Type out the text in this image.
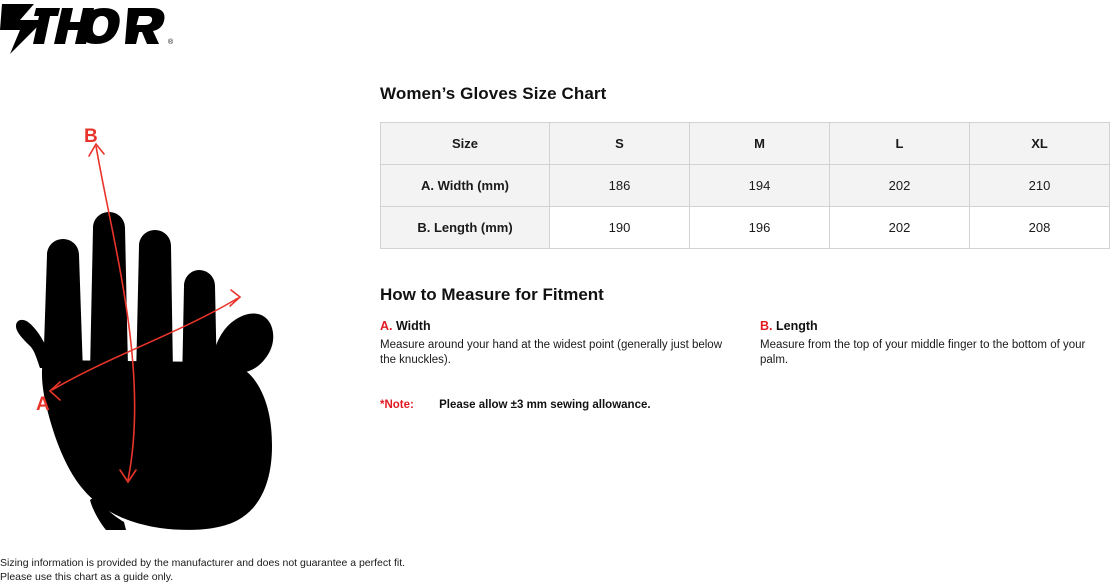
®
A
B
Women’s Gloves Size Chart
Size	S	M	L	XL
A. Width (mm)	186	194	202	210
B. Length (mm)	190	196	202	208
How to Measure for Fitment
A. Width
Measure around your hand at the widest point (generally just below the knuckles).
B. Length
Measure from the top of your middle finger to the bottom of your palm.
*Note: Please allow ±3 mm sewing allowance.
Sizing information is provided by the manufacturer and does not guarantee a perfect fit.
Please use this chart as a guide only.
